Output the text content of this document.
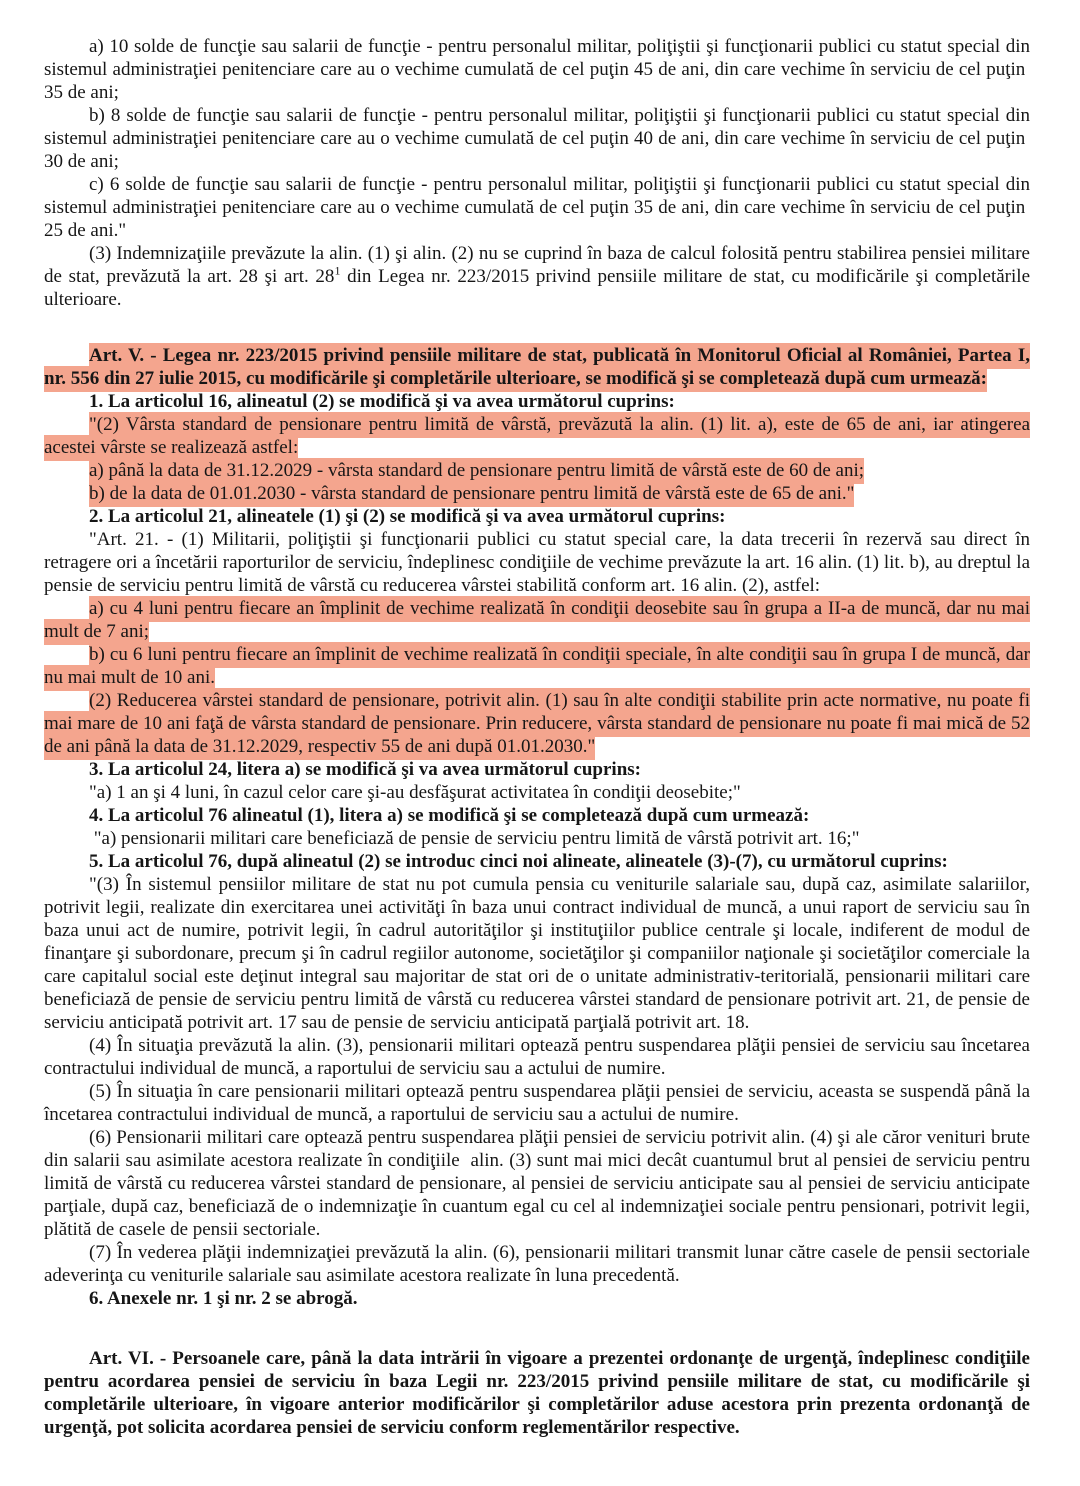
a) 10 solde de funcţie sau salarii de funcţie - pentru personalul militar, poliţiştii şi funcţionarii publici cu statut special din sistemul administraţiei penitenciare care au o vechime cumulată de cel puţin 45 de ani, din care vechime în serviciu de cel puţin  35 de ani;

b) 8 solde de funcţie sau salarii de funcţie - pentru personalul militar, poliţiştii şi funcţionarii publici cu statut special din sistemul administraţiei penitenciare care au o vechime cumulată de cel puţin 40 de ani, din care vechime în serviciu de cel puţin  30 de ani;

c) 6 solde de funcţie sau salarii de funcţie - pentru personalul militar, poliţiştii şi funcţionarii publici cu statut special din sistemul administraţiei penitenciare care au o vechime cumulată de cel puţin 35 de ani, din care vechime în serviciu de cel puţin  25 de ani."

(3) Indemnizaţiile prevăzute la alin. (1) şi alin. (2) nu se cuprind în baza de calcul folosită pentru stabilirea pensiei militare de stat, prevăzută la art. 28 şi art. 28$^1$ din Legea nr. 223/2015 privind pensiile militare de stat, cu modificările şi completările ulterioare.

Art. V. - Legea nr. 223/2015 privind pensiile militare de stat, publicată în Monitorul Oficial al României, Partea I, nr. 556 din 27 iulie 2015, cu modificările şi completările ulterioare, se modifică şi se completează după cum urmează:

1. La articolul 16, alineatul (2) se modifică şi va avea următorul cuprins:

"(2) Vârsta standard de pensionare pentru limită de vârstă, prevăzută la alin. (1) lit. a), este de 65 de ani, iar atingerea acestei vârste se realizează astfel:

a) până la data de 31.12.2029 - vârsta standard de pensionare pentru limită de vârstă este de 60 de ani;

b) de la data de 01.01.2030 - vârsta standard de pensionare pentru limită de vârstă este de 65 de ani."

2. La articolul 21, alineatele (1) şi (2) se modifică şi va avea următorul cuprins:

"Art. 21. - (1) Militarii, poliţiştii şi funcţionarii publici cu statut special care, la data trecerii în rezervă sau direct în retragere ori a încetării raporturilor de serviciu, îndeplinesc condiţiile de vechime prevăzute la art. 16 alin. (1) lit. b), au dreptul la pensie de serviciu pentru limită de vârstă cu reducerea vârstei stabilită conform art. 16 alin. (2), astfel:

a) cu 4 luni pentru fiecare an împlinit de vechime realizată în condiţii deosebite sau în grupa a II-a de muncă, dar nu mai mult de 7 ani;

b) cu 6 luni pentru fiecare an împlinit de vechime realizată în condiţii speciale, în alte condiţii sau în grupa I de muncă, dar nu mai mult de 10 ani.

(2) Reducerea vârstei standard de pensionare, potrivit alin. (1) sau în alte condiţii stabilite prin acte normative, nu poate fi mai mare de 10 ani faţă de vârsta standard de pensionare. Prin reducere, vârsta standard de pensionare nu poate fi mai mică de 52 de ani până la data de 31.12.2029, respectiv 55 de ani după 01.01.2030."

3. La articolul 24, litera a) se modifică şi va avea următorul cuprins:

"a) 1 an şi 4 luni, în cazul celor care şi-au desfăşurat activitatea în condiţii deosebite;"

4. La articolul 76 alineatul (1), litera a) se modifică şi se completează după cum urmează:

"a) pensionarii militari care beneficiază de pensie de serviciu pentru limită de vârstă potrivit art. 16;"

5. La articolul 76, după alineatul (2) se introduc cinci noi alineate, alineatele (3)-(7), cu următorul cuprins:

"(3) În sistemul pensiilor militare de stat nu pot cumula pensia cu veniturile salariale sau, după caz, asimilate salariilor, potrivit legii, realizate din exercitarea unei activităţi în baza unui contract individual de muncă, a unui raport de serviciu sau în baza unui act de numire, potrivit legii, în cadrul autorităţilor şi instituţiilor publice centrale şi locale, indiferent de modul de finanţare şi subordonare, precum şi în cadrul regiilor autonome, societăţilor şi companiilor naţionale şi societăţilor comerciale la care capitalul social este deţinut integral sau majoritar de stat ori de o unitate administrativ-teritorială, pensionarii militari care beneficiază de pensie de serviciu pentru limită de vârstă cu reducerea vârstei standard de pensionare potrivit art. 21, de pensie de serviciu anticipată potrivit art. 17 sau de pensie de serviciu anticipată parţială potrivit art. 18.

(4) În situaţia prevăzută la alin. (3), pensionarii militari optează pentru suspendarea plăţii pensiei de serviciu sau încetarea contractului individual de muncă, a raportului de serviciu sau a actului de numire.

(5) În situaţia în care pensionarii militari optează pentru suspendarea plăţii pensiei de serviciu, aceasta se suspendă până la încetarea contractului individual de muncă, a raportului de serviciu sau a actului de numire.

(6) Pensionarii militari care optează pentru suspendarea plăţii pensiei de serviciu potrivit alin. (4) şi ale căror venituri brute din salarii sau asimilate acestora realizate în condiţiile  alin. (3) sunt mai mici decât cuantumul brut al pensiei de serviciu pentru limită de vârstă cu reducerea vârstei standard de pensionare, al pensiei de serviciu anticipate sau al pensiei de serviciu anticipate parţiale, după caz, beneficiază de o indemnizaţie în cuantum egal cu cel al indemnizaţiei sociale pentru pensionari, potrivit legii, plătită de casele de pensii sectoriale.

(7) În vederea plăţii indemnizaţiei prevăzută la alin. (6), pensionarii militari transmit lunar către casele de pensii sectoriale adeverinţa cu veniturile salariale sau asimilate acestora realizate în luna precedentă.

6. Anexele nr. 1 şi nr. 2 se abrogă.

Art. VI. - Persoanele care, până la data intrării în vigoare a prezentei ordonanţe de urgenţă, îndeplinesc condiţiile pentru acordarea pensiei de serviciu în baza Legii nr. 223/2015 privind pensiile militare de stat, cu modificările şi completările ulterioare, în vigoare anterior modificărilor şi completărilor aduse acestora prin prezenta ordonanţă de urgenţă, pot solicita acordarea pensiei de serviciu conform reglementărilor respective.
